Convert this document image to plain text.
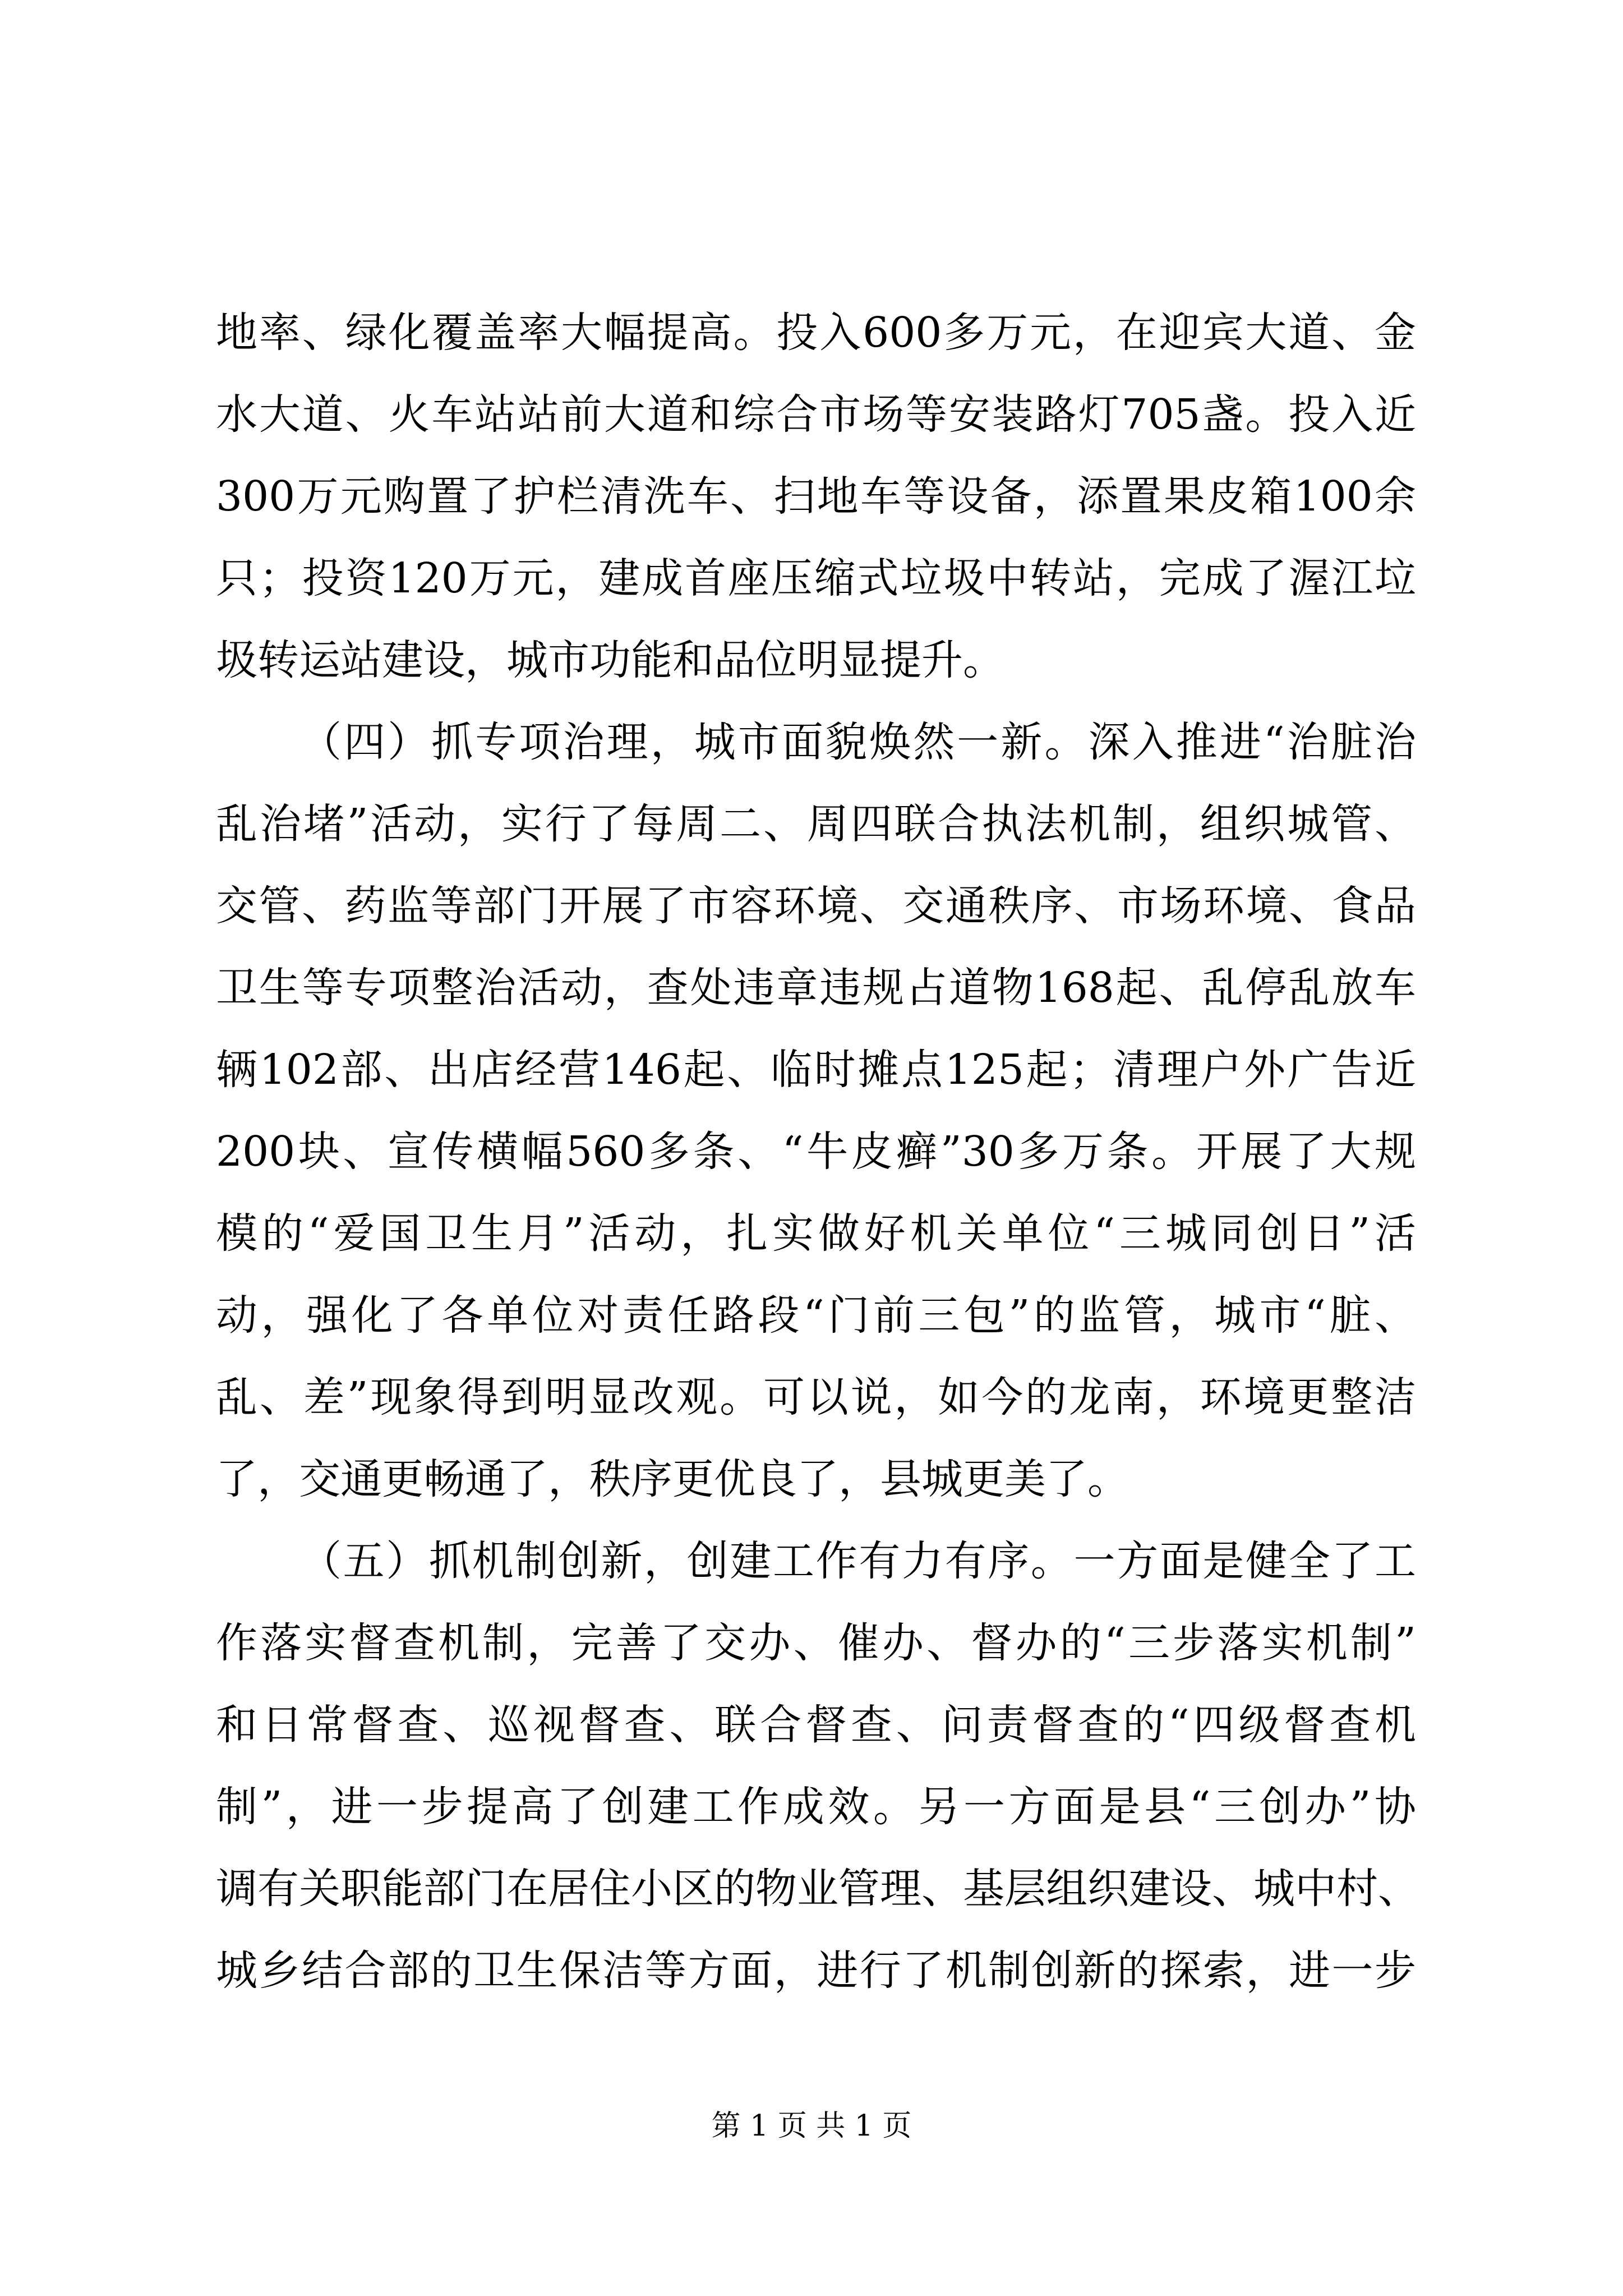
地率、绿化覆盖率大幅提高。投入600多万元，在迎宾大道、金
水大道、火车站站前大道和综合市场等安装路灯705盏。投入近
300万元购置了护栏清洗车、扫地车等设备，添置果皮箱100余
只；投资120万元，建成首座压缩式垃圾中转站，完成了渥江垃
圾转运站建设，城市功能和品位明显提升。
（四）抓专项治理，城市面貌焕然一新。深入推进“治脏治
乱治堵”活动，实行了每周二、周四联合执法机制，组织城管、
交管、药监等部门开展了市容环境、交通秩序、市场环境、食品
卫生等专项整治活动，查处违章违规占道物168起、乱停乱放车
辆102部、出店经营146起、临时摊点125起；清理户外广告近
200块、宣传横幅560多条、“牛皮癣”30多万条。开展了大规
模的“爱国卫生月”活动，扎实做好机关单位“三城同创日”活
动，强化了各单位对责任路段“门前三包”的监管，城市“脏、
乱、差”现象得到明显改观。可以说，如今的龙南，环境更整洁
了，交通更畅通了，秩序更优良了，县城更美了。
（五）抓机制创新，创建工作有力有序。一方面是健全了工
作落实督查机制，完善了交办、催办、督办的“三步落实机制”
和日常督查、巡视督查、联合督查、问责督查的“四级督查机
制”，进一步提高了创建工作成效。另一方面是县“三创办”协
调有关职能部门在居住小区的物业管理、基层组织建设、城中村、
城乡结合部的卫生保洁等方面，进行了机制创新的探索，进一步
第 1 页 共 1 页
